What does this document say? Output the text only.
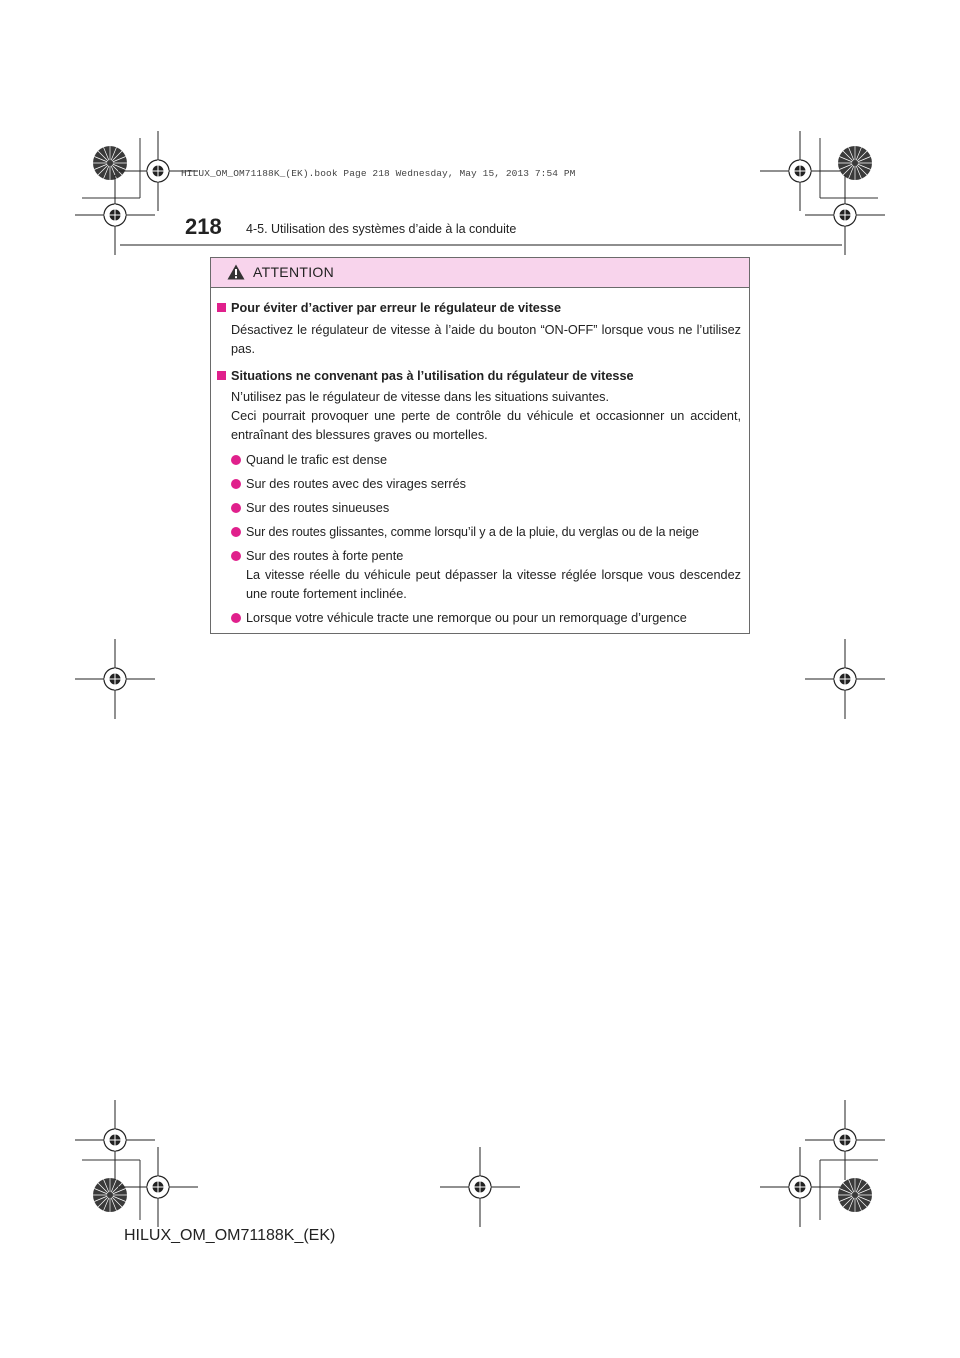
HILUX_OM_OM71188K_(EK).book Page 218 Wednesday, May 15, 2013 7:54 PM
218 4-5. Utilisation des systèmes d’aide à la conduite
ATTENTION
Pour éviter d’activer par erreur le régulateur de vitesse
Désactivez le régulateur de vitesse à l’aide du bouton “ON-OFF” lorsque vous ne l’utilisez pas.
Situations ne convenant pas à l’utilisation du régulateur de vitesse
N’utilisez pas le régulateur de vitesse dans les situations suivantes.
Ceci pourrait provoquer une perte de contrôle du véhicule et occasionner un accident, entraînant des blessures graves ou mortelles.
Quand le trafic est dense
Sur des routes avec des virages serrés
Sur des routes sinueuses
Sur des routes glissantes, comme lorsqu’il y a de la pluie, du verglas ou de la neige
Sur des routes à forte pente
La vitesse réelle du véhicule peut dépasser la vitesse réglée lorsque vous descendez une route fortement inclinée.
Lorsque votre véhicule tracte une remorque ou pour un remorquage d’urgence
HILUX_OM_OM71188K_(EK)
